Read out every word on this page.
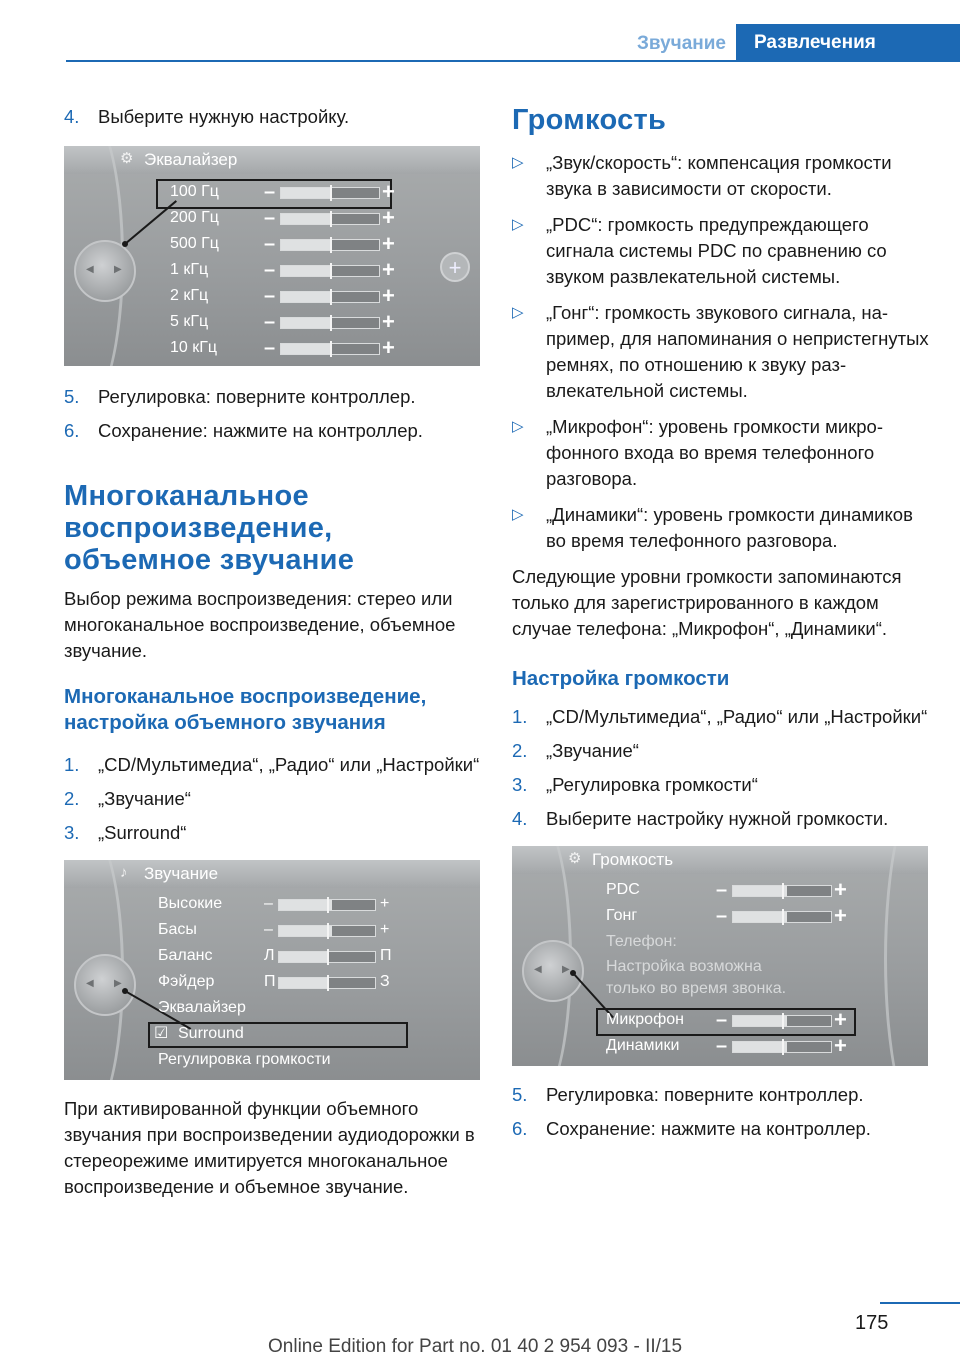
Звучание	Развлечения
4.	Выберите нужную настройку.
⚙ Эквалайзер
◀ ▶	+
100 Гц –	+
200 Гц –	+
500 Гц –	+
1 кГц	–	+
2 кГц	–	+
5 кГц	–	+
10 кГц –	+
5.	Регулировка: поверните контроллер.
6.	Сохранение: нажмите на контроллер.
Многоканальное воспроизведение, объемное звучание

Выбор режима воспроизведения: стерео или многоканальное воспроизведение, объемное звучание.

Многоканальное воспроизведение, настройка объемного звучания
1.	„CD/Мультимедиа“, „Радио“ или „Настройки“
2.	„Звучание“
3.	„Surround“
♪ Звучание
◀ ▶
Высокие	–	+
Басы	–	+
Баланс	Л	П
Фэйдер	П	З
Эквалайзер
☑ Surround
Регулировка громкости

При активированной функции объемного звучания при воспроизведении аудиодорожки в стереорежиме имитируется многоканальное воспроизведение и объемное звучание.

Громкость
▷	„Звук/скорость“: компенсация громкости звука в зависимости от скорости.
▷	„PDC“: громкость предупреждающего сигнала системы PDC по сравнению со звуком развлекательной системы.
▷	„Гонг“: громкость звукового сигнала, например, для напоминания о непристегнутых ремнях, по отношению к звуку развлекательной системы.
▷	„Микрофон“: уровень громкости микрофонного входа во время телефонного разговора.
▷	„Динамики“: уровень громкости динамиков во время телефонного разговора.

Следующие уровни громкости запоминаются только для зарегистрированного в каждом случае телефона: „Микрофон“, „Динамики“.

Настройка громкости
1.	„CD/Мультимедиа“, „Радио“ или „Настройки“
2.	„Звучание“
3.	„Регулировка громкости“
4.	Выберите настройку нужной громкости.
⚙ Громкость
◀ ▶
PDC	–	+
Гонг	–	+
Телефон:
Настройка возможна только во время звонка.
Микрофон –	+
Динамики –	+
5.	Регулировка: поверните контроллер.
6.	Сохранение: нажмите на контроллер.
175
Online Edition for Part no. 01 40 2 954 093 - II/15
